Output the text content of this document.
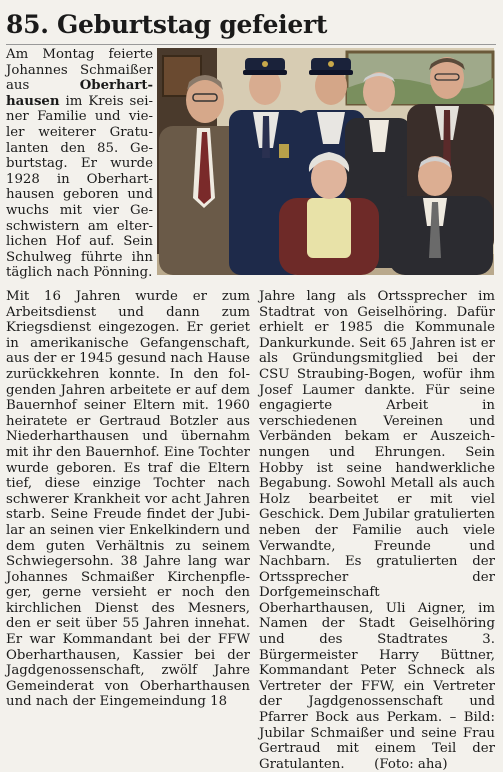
85. Geburtstag gefeiert

Am Montag feierte Johannes Schmaißer aus Oberharthausen im Kreis seiner Familie und vieler weiterer Gratulanten den 85. Geburtstag. Er wurde 1928 in Oberharthausen geboren und wuchs mit vier Geschwistern am elterlichen Hof auf. Sein Schulweg führte ihn täglich nach Pönning.

Mit 16 Jahren wurde er zum Arbeitsdienst und dann zum Kriegsdienst eingezogen. Er geriet in amerikanische Gefangenschaft, aus der er 1945 gesund nach Hause zurückkehren konnte. In den folgenden Jahren arbeitete er auf dem Bauernhof seiner Eltern mit. 1960 heiratete er Gertraud Botzler aus Niederharthausen und übernahm mit ihr den Bauernhof. Eine Tochter wurde geboren. Es traf die Eltern tief, diese einzige Tochter nach schwerer Krankheit vor acht Jahren starb. Seine Freude findet der Jubilar an seinen vier Enkelkindern und dem guten Verhältnis zu seinem Schwiegersohn. 38 Jahre lang war Johannes Schmaißer Kirchenpfleger, gerne versieht er noch den kirchlichen Dienst des Mesners, den er seit über 55 Jahren innehat. Er war Kommandant bei der FFW Oberharthausen, Kassier bei der Jagdgenossenschaft, zwölf Jahre Gemeinderat von Oberharthausen und nach der Eingemeindung 18

Jahre lang als Ortssprecher im Stadtrat von Geiselhöring. Dafür erhielt er 1985 die Kommunale Dankurkunde. Seit 65 Jahren ist er als Gründungsmitglied bei der CSU Straubing-Bogen, wofür ihm Josef Laumer dankte. Für seine engagierte Arbeit in verschiedenen Vereinen und Verbänden bekam er Auszeichnungen und Ehrungen. Sein Hobby ist seine handwerkliche Begabung. Sowohl Metall als auch Holz bearbeitet er mit viel Geschick. Dem Jubilar gratulierten neben der Familie auch viele Verwandte, Freunde und Nachbarn. Es gratulierten der Ortssprecher der Dorfgemeinschaft Oberharthausen, Uli Aigner, im Namen der Stadt Geiselhöring und des Stadtrates 3. Bürgermeister Harry Büttner, Kommandant Peter Schneck als Vertreter der FFW, ein Vertreter der Jagdgenossenschaft und Pfarrer Bock aus Perkam. – Bild: Jubilar Schmaißer und seine Frau Gertraud mit einem Teil der Gratulanten. (Foto: aha)
